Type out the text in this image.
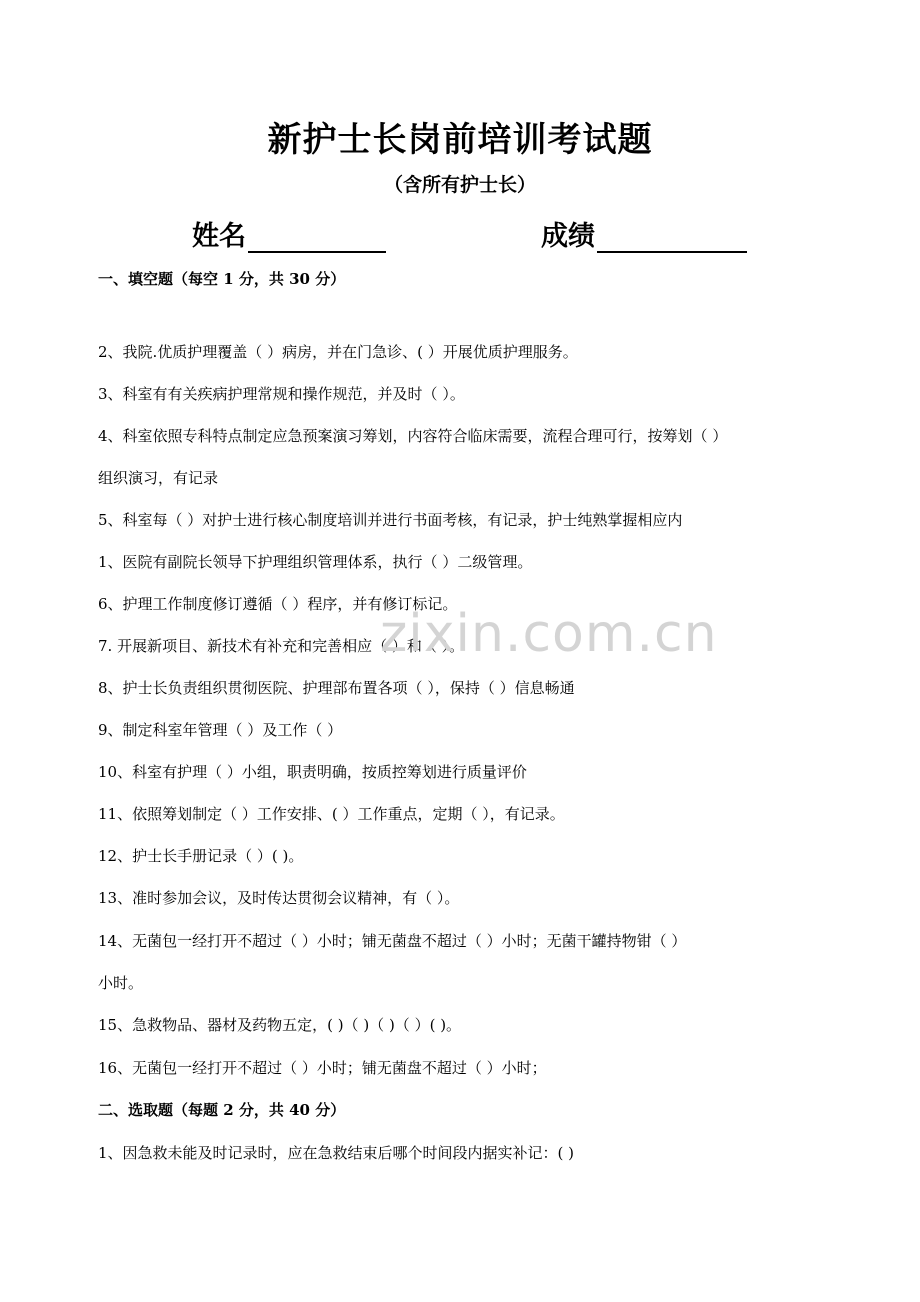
新护士长岗前培训考试题
（含所有护士长）
姓名	成绩
一、填空题（每空 1 分，共 30 分）
2、我院.优质护理覆盖（ ）病房，并在门急诊、( ）开展优质护理服务。
3、科室有有关疾病护理常规和操作规范，并及时（ ）。
4、科室依照专科特点制定应急预案演习筹划，内容符合临床需要，流程合理可行，按筹划（ ）
组织演习，有记录
5、科室每（ ）对护士进行核心制度培训并进行书面考核，有记录，护士纯熟掌握相应内
1、医院有副院长领导下护理组织管理体系，执行（ ）二级管理。
6、护理工作制度修订遵循（ ）程序，并有修订标记。
7. 开展新项目、新技术有补充和完善相应（ ）和（ ）。
8、护士长负责组织贯彻医院、护理部布置各项（ ），保持（ ）信息畅通
9、制定科室年管理（ ）及工作（ ）
10、科室有护理（ ）小组，职责明确，按质控筹划进行质量评价
11、依照筹划制定（ ）工作安排、( ）工作重点，定期（ ），有记录。
12、护士长手册记录（ ）( )。
13、准时参加会议，及时传达贯彻会议精神，有（ ）。
14、无菌包一经打开不超过（ ）小时；铺无菌盘不超过（ ）小时；无菌干罐持物钳（ ）
小时。
15、急救物品、器材及药物五定，( )（ )（ )（ ）( )。
16、无菌包一经打开不超过（ ）小时；铺无菌盘不超过（ ）小时；
二、选取题（每题 2 分，共 40 分）
1、因急救未能及时记录时，应在急救结束后哪个时间段内据实补记：( )
zixin.com.cn
